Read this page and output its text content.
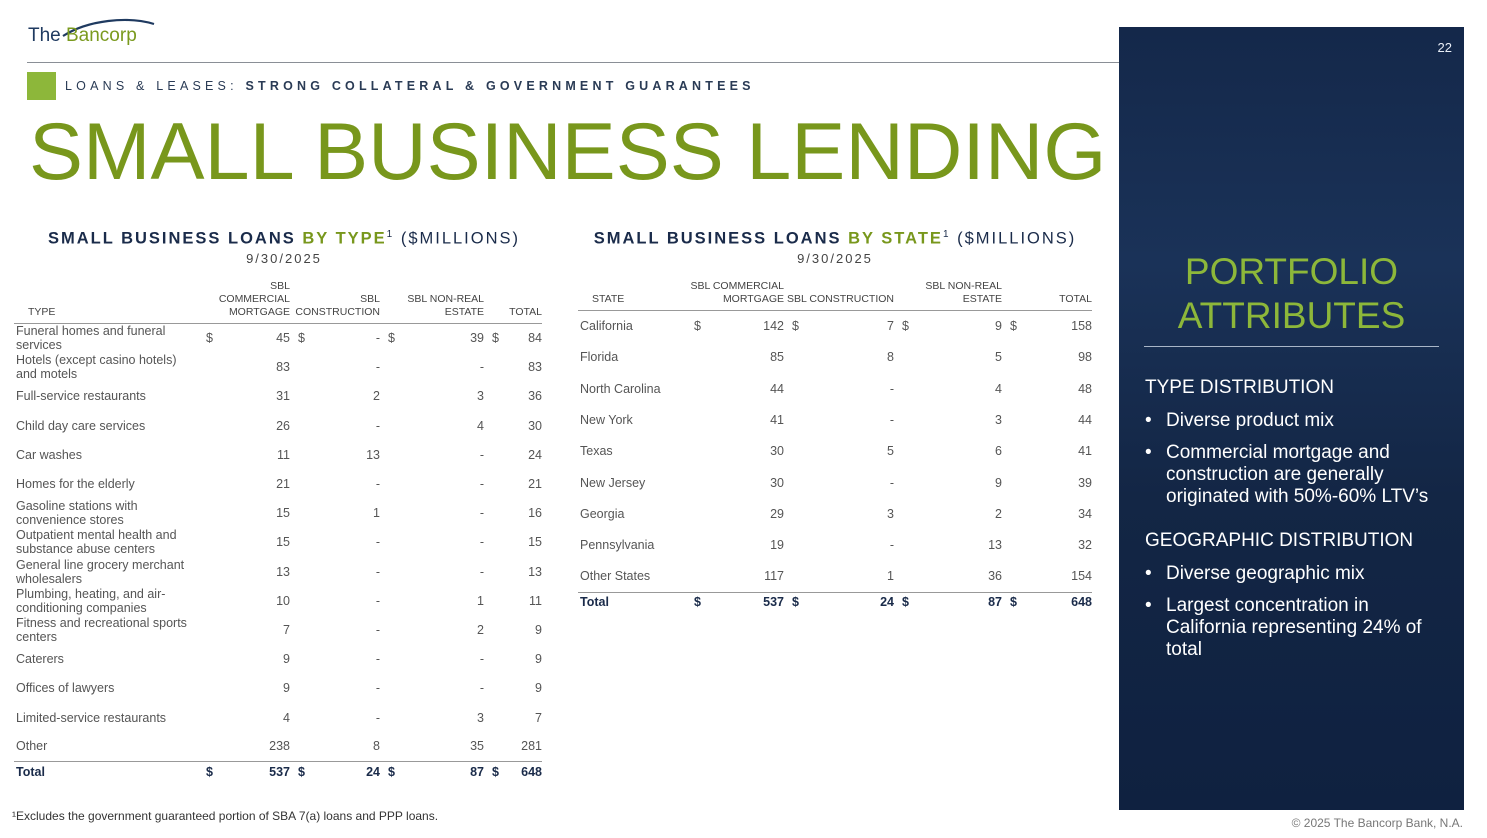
The Bancorp
LOANS & LEASES: STRONG COLLATERAL & GOVERNMENT GUARANTEES
SMALL BUSINESS LENDING
SMALL BUSINESS LOANS BY TYPE$^1$ ($MILLIONS)
9/30/2025
TYPE	SBL COMMERCIAL MORTGAGE		SBL CONSTRUCTION		SBL NON-REAL ESTATE		TOTAL	
Funeral homes and funeral services	$	45	$	-	$	39	$	84
Hotels (except casino hotels) and motels		83		-		-		83
Full-service restaurants		31		2		3		36
Child day care services		26		-		4		30
Car washes		11		13		-		24
Homes for the elderly		21		-		-		21
Gasoline stations with convenience stores		15		1		-		16
Outpatient mental health and substance abuse centers		15		-		-		15
General line grocery merchant wholesalers		13		-		-		13
Plumbing, heating, and air-conditioning companies		10		-		1		11
Fitness and recreational sports centers		7		-		2		9
Caterers		9		-		-		9
Offices of lawyers		9		-		-		9
Limited-service restaurants		4		-		3		7
Other		238		8		35		281
Total	$	537	$	24	$	87	$	648
SMALL BUSINESS LOANS BY STATE$^1$ ($MILLIONS)
9/30/2025
STATE	SBL COMMERCIAL MORTGAGE		SBL CONSTRUCTION		SBL NON-REAL ESTATE		TOTAL	
California	$	142	$	7	$	9	$	158
Florida		85		8		5		98
North Carolina		44		-		4		48
New York		41		-		3		44
Texas		30		5		6		41
New Jersey		30		-		9		39
Georgia		29		3		2		34
Pennsylvania		19		-		13		32
Other States		117		1		36		154
Total	$	537	$	24	$	87	$	648
¹Excludes the government guaranteed portion of SBA 7(a) loans and PPP loans.	© 2025 The Bancorp Bank, N.A.
22
PORTFOLIO
ATTRIBUTES
TYPE DISTRIBUTION
• Diverse product mix
• Commercial mortgage and construction are generally originated with 50%-60% LTV’s
GEOGRAPHIC DISTRIBUTION
• Diverse geographic mix
• Largest concentration in California representing 24% of total
